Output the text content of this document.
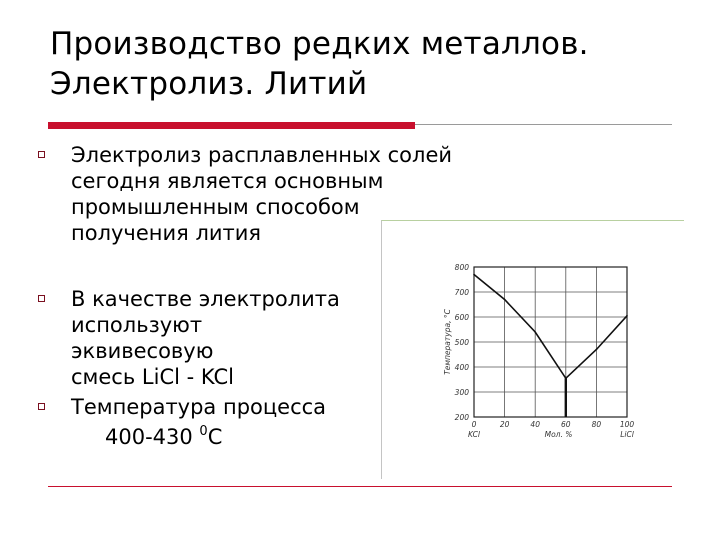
Производство редких металлов.
Электролиз. Литий
Электролиз расплавленных солей
сегодня является основным
промышленным способом
получения лития
В качестве электролита
используют
эквивесовую
смесь LiCl - KCl
Температура процесса
400-430 $^0$C
800
700
600
500
400
300
200
0	20	40	60	80 100
KCl	LiCl
Мол. %
Температура, °С
